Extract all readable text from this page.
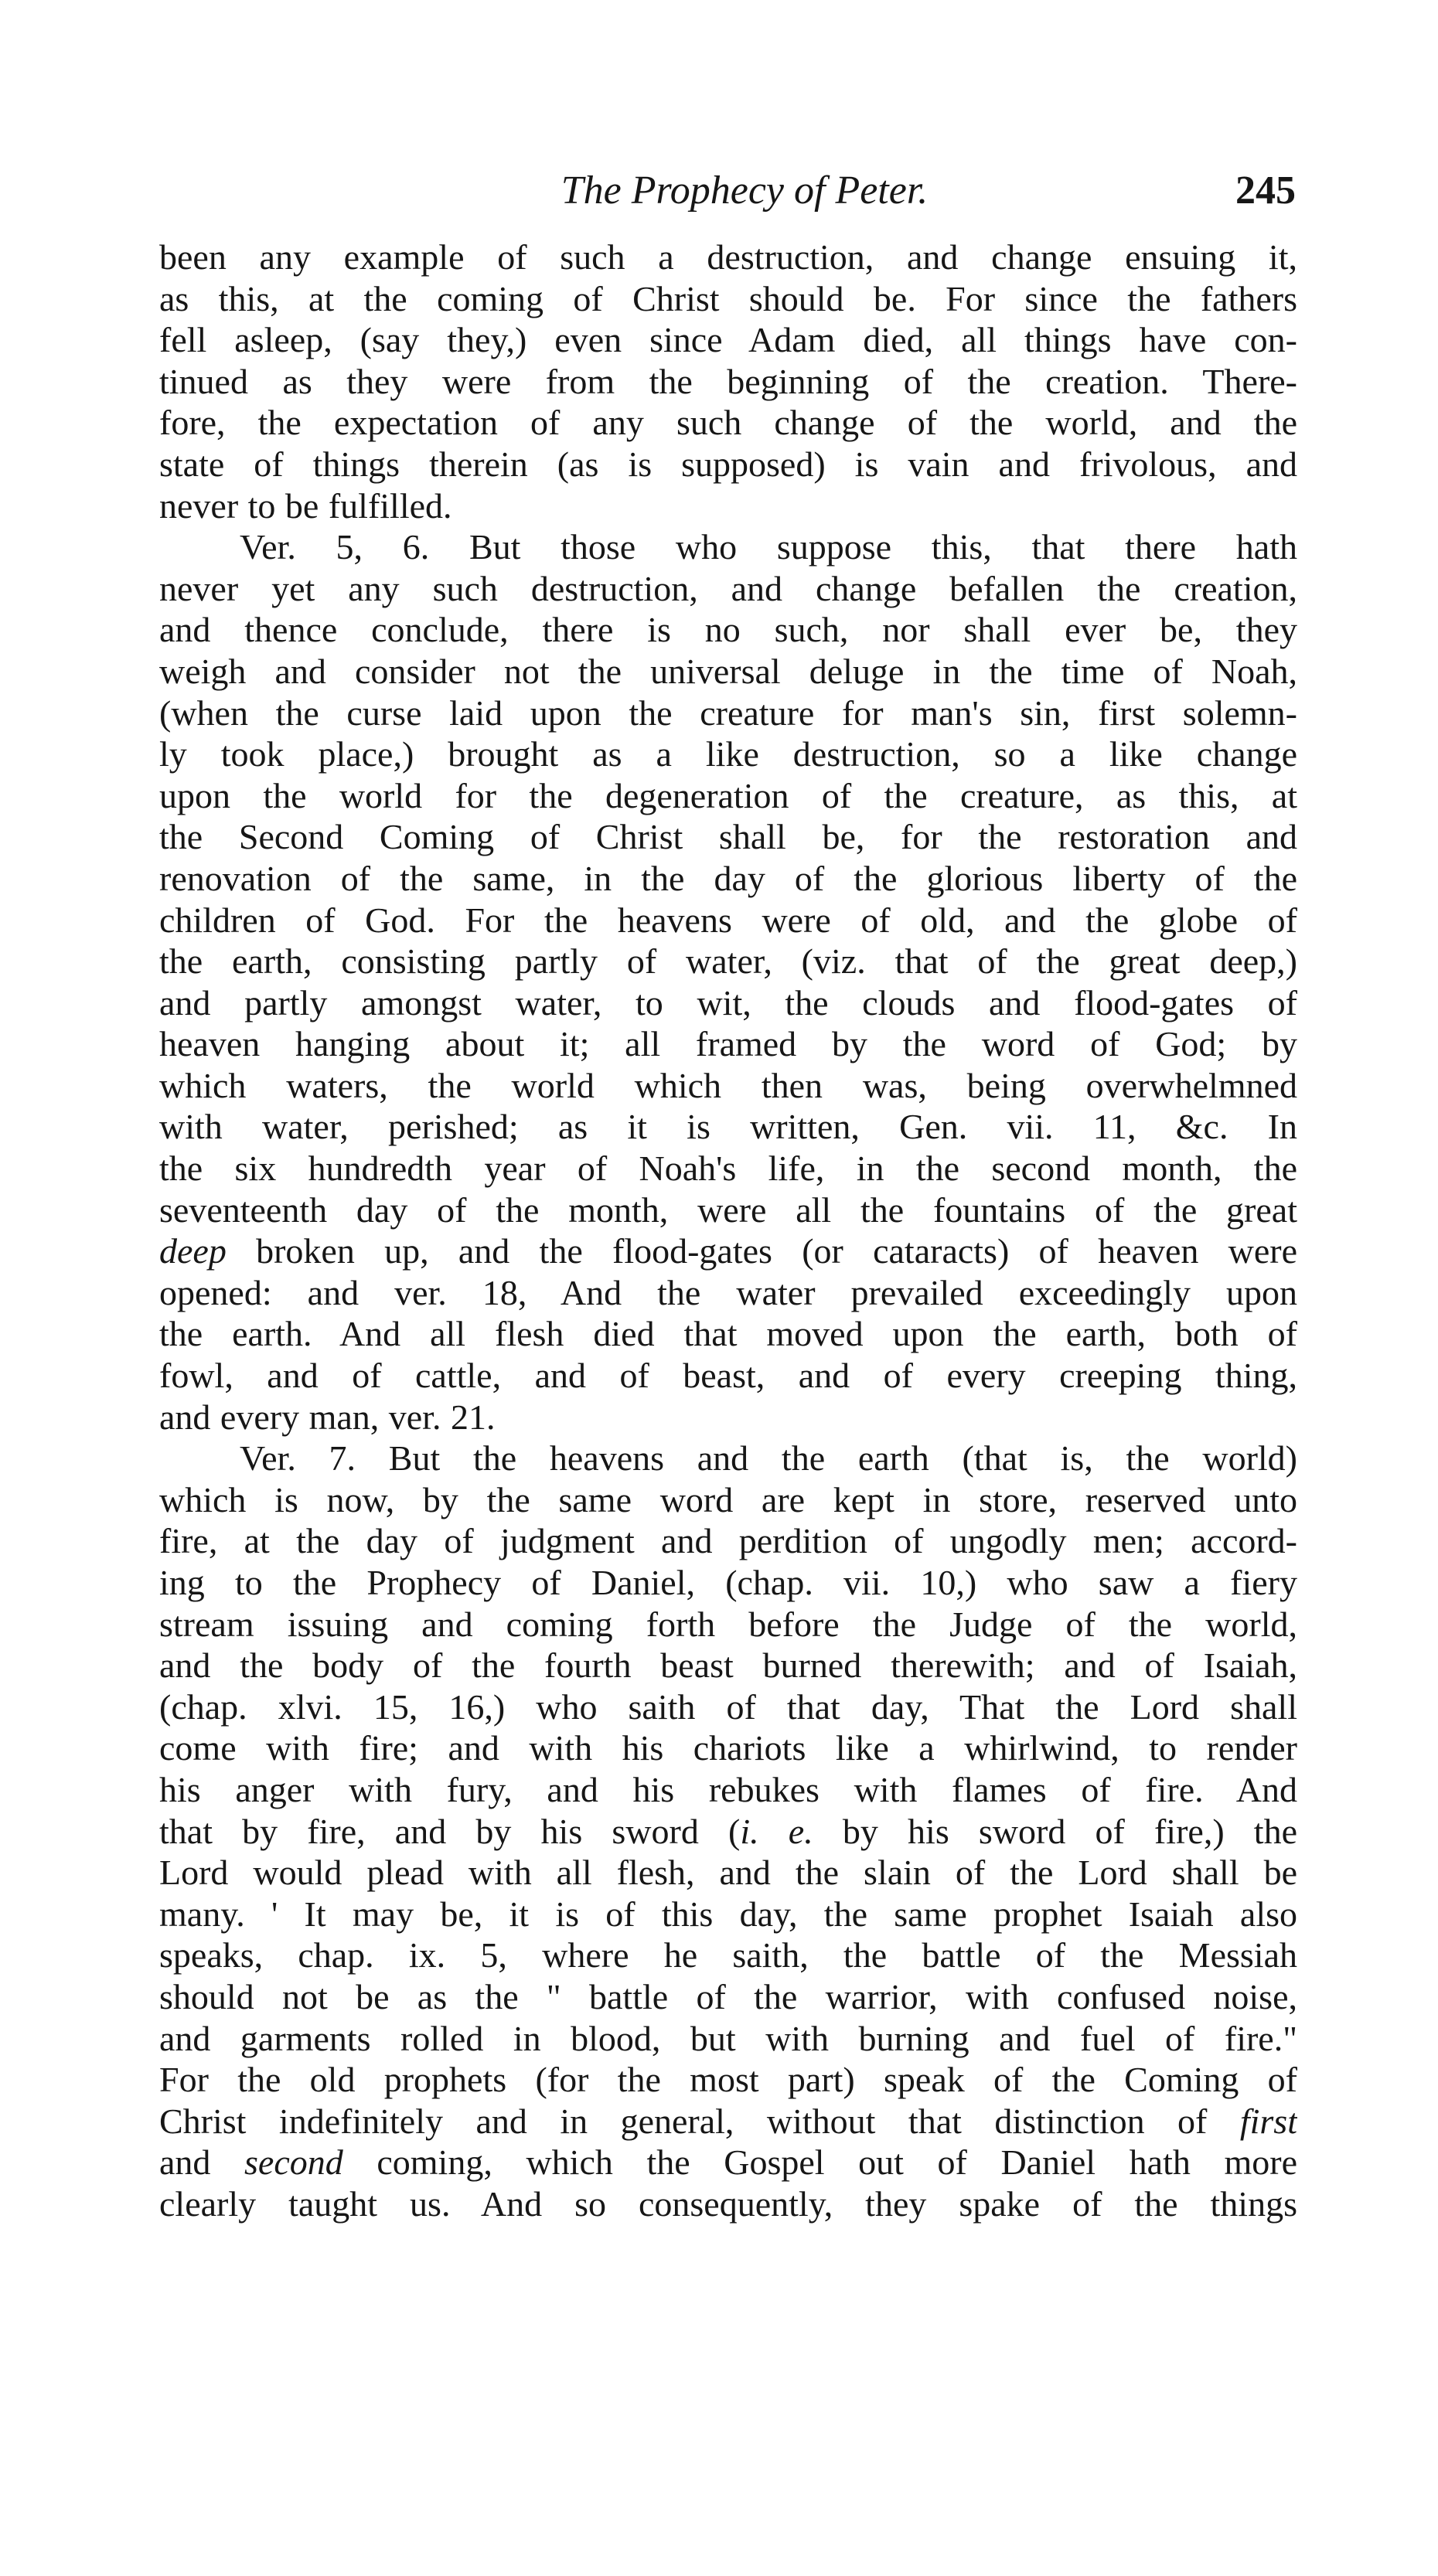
The Prophecy of Peter.	245
been any example of such a destruction, and change ensuing it,
as this, at the coming of Christ should be. For since the fathers
fell asleep, (say they,) even since Adam died, all things have con-
tinued as they were from the beginning of the creation. There-
fore, the expectation of any such change of the world, and the
state of things therein (as is supposed) is vain and frivolous, and
never to be fulfilled.
Ver. 5, 6. But those who suppose this, that there hath
never yet any such destruction, and change befallen the creation,
and thence conclude, there is no such, nor shall ever be, they
weigh and consider not the universal deluge in the time of Noah,
(when the curse laid upon the creature for man's sin, first solemn-
ly took place,) brought as a like destruction, so a like change
upon the world for the degeneration of the creature, as this, at
the Second Coming of Christ shall be, for the restoration and
renovation of the same, in the day of the glorious liberty of the
children of God. For the heavens were of old, and the globe of
the earth, consisting partly of water, (viz. that of the great deep,)
and partly amongst water, to wit, the clouds and flood-gates of
heaven hanging about it; all framed by the word of God; by
which waters, the world which then was, being overwhelmned
with water, perished; as it is written, Gen. vii. 11, &c. In
the six hundredth year of Noah's life, in the second month, the
seventeenth day of the month, were all the fountains of the great
deep broken up, and the flood-gates (or cataracts) of heaven were
opened: and ver. 18, And the water prevailed exceedingly upon
the earth. And all flesh died that moved upon the earth, both of
fowl, and of cattle, and of beast, and of every creeping thing,
and every man, ver. 21.
Ver. 7. But the heavens and the earth (that is, the world)
which is now, by the same word are kept in store, reserved unto
fire, at the day of judgment and perdition of ungodly men; accord-
ing to the Prophecy of Daniel, (chap. vii. 10,) who saw a fiery
stream issuing and coming forth before the Judge of the world,
and the body of the fourth beast burned therewith; and of Isaiah,
(chap. xlvi. 15, 16,) who saith of that day, That the Lord shall
come with fire; and with his chariots like a whirlwind, to render
his anger with fury, and his rebukes with flames of fire. And
that by fire, and by his sword (i. e. by his sword of fire,) the
Lord would plead with all flesh, and the slain of the Lord shall be
many. ' It may be, it is of this day, the same prophet Isaiah also
speaks, chap. ix. 5, where he saith, the battle of the Messiah
should not be as the " battle of the warrior, with confused noise,
and garments rolled in blood, but with burning and fuel of fire."
For the old prophets (for the most part) speak of the Coming of
Christ indefinitely and in general, without that distinction of first
and second coming, which the Gospel out of Daniel hath more
clearly taught us. And so consequently, they spake of the things
